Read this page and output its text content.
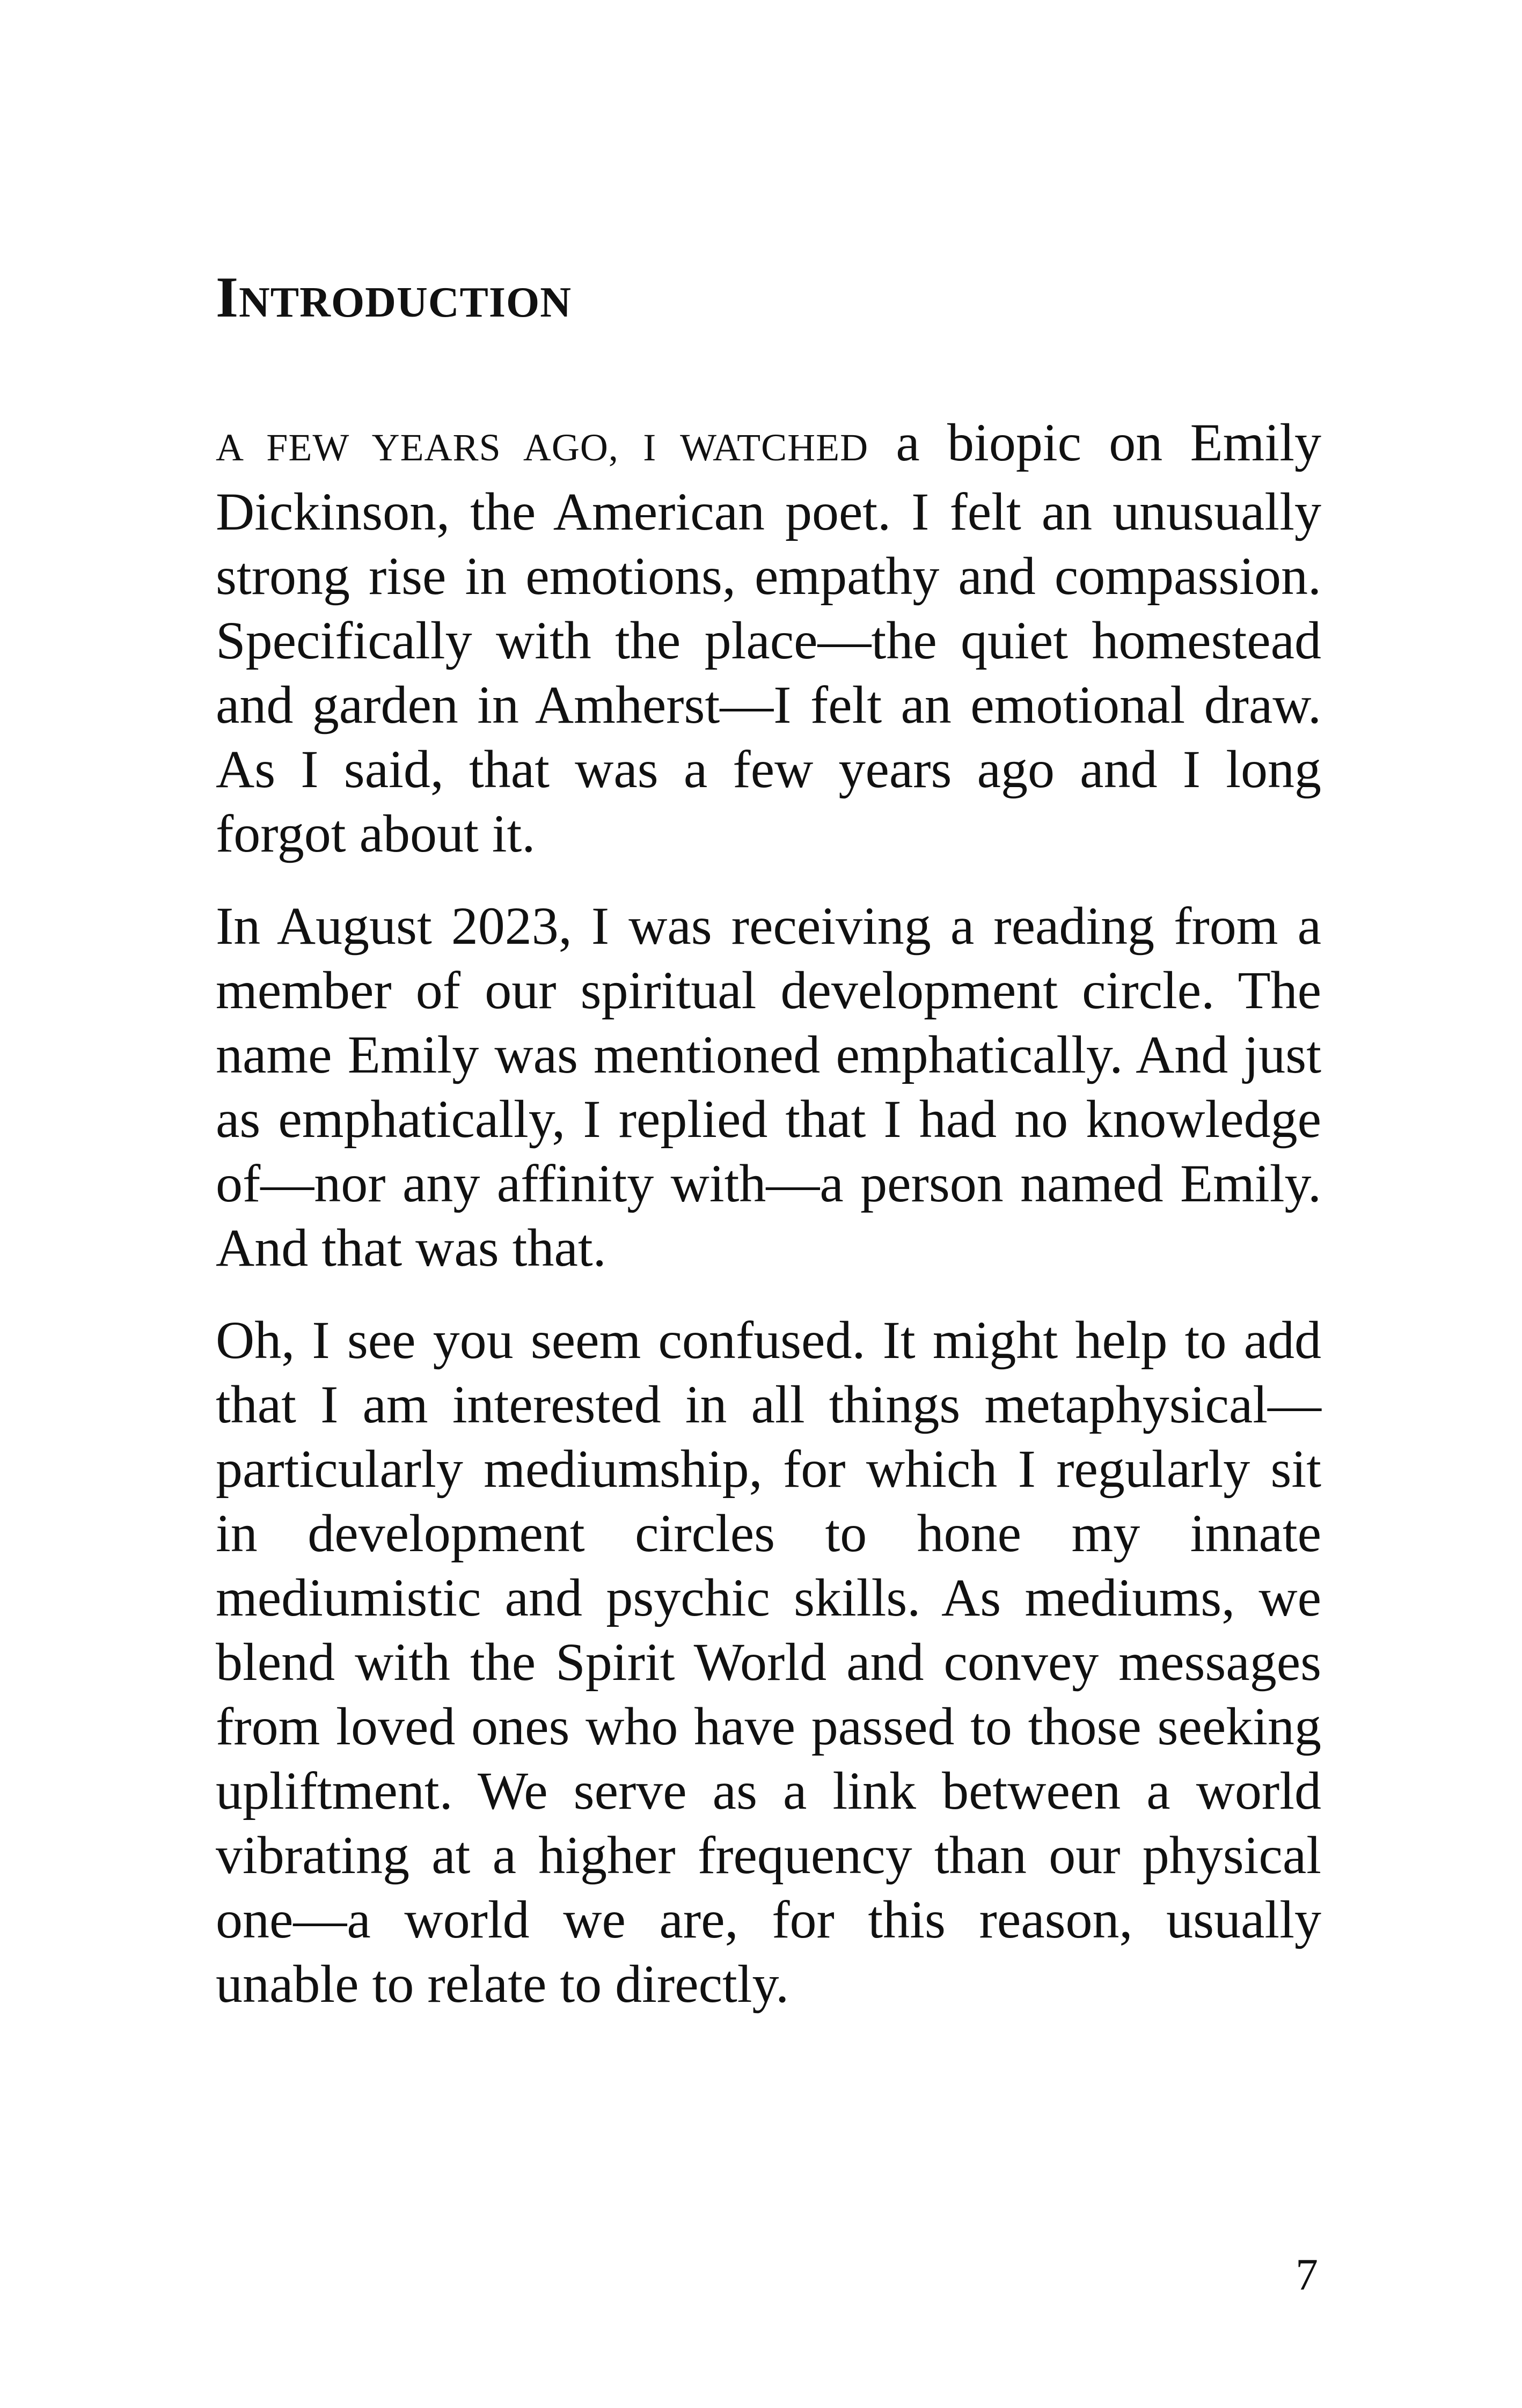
INTRODUCTION

A FEW YEARS AGO, I WATCHED a biopic on Emily Dickinson, the American poet. I felt an unusually strong rise in emotions, empathy and compassion. Specifically with the place—the quiet homestead and garden in Amherst—I felt an emotional draw. As I said, that was a few years ago and I long forgot about it.

In August 2023, I was receiving a reading from a member of our spiritual development circle. The name Emily was mentioned emphatically. And just as emphatically, I replied that I had no knowledge of—nor any affinity with—a person named Emily. And that was that.

Oh, I see you seem confused. It might help to add that I am interested in all things metaphysical—particularly mediumship, for which I regularly sit in development circles to hone my innate mediumistic and psychic skills. As mediums, we blend with the Spirit World and convey messages from loved ones who have passed to those seeking upliftment. We serve as a link between a world vibrating at a higher frequency than our physical one—a world we are, for this reason, usually unable to relate to directly.

7
